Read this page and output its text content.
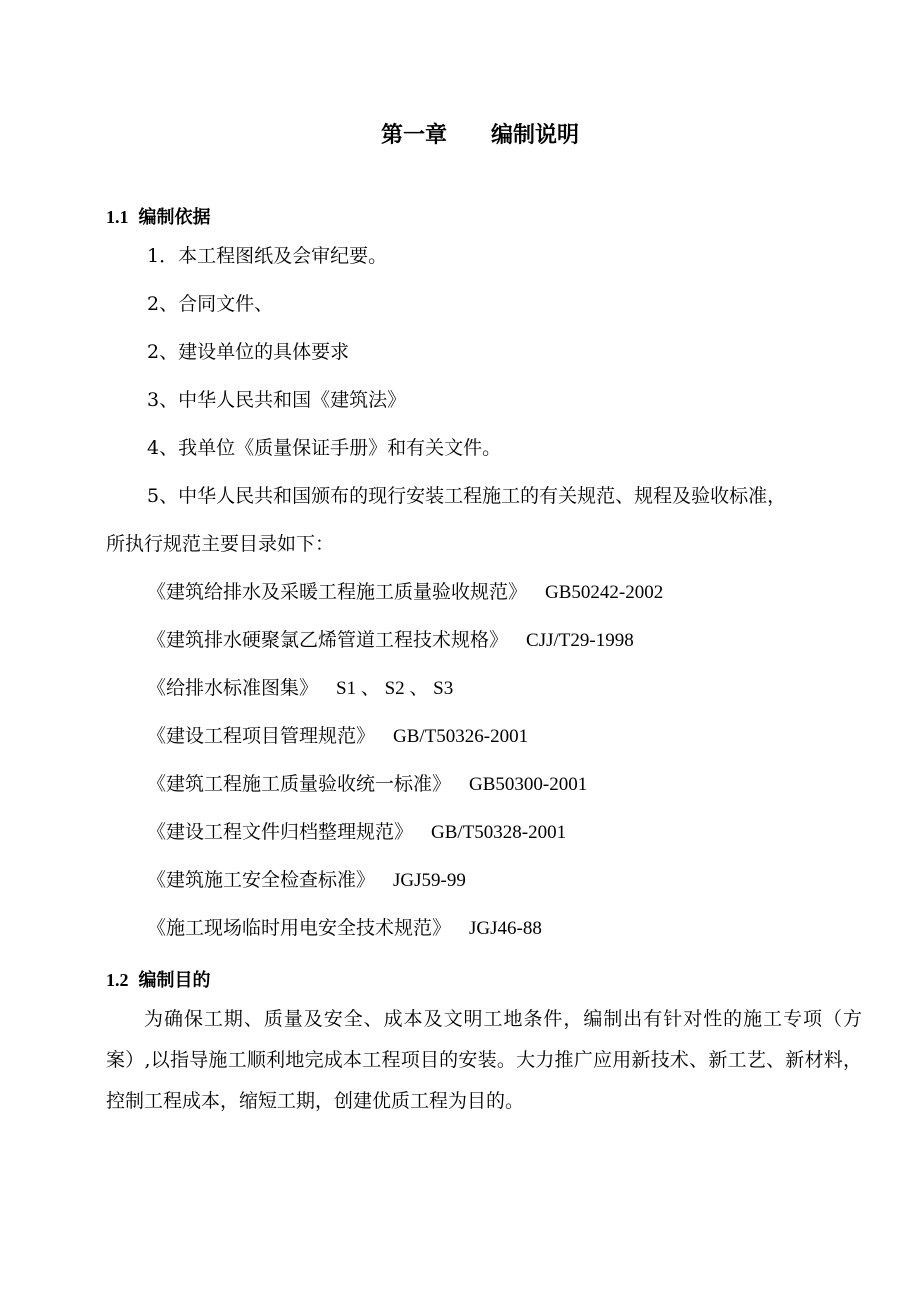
第一章　　编制说明
1.1 编制依据
1．本工程图纸及会审纪要。
2、合同文件、
2、建设单位的具体要求
3、中华人民共和国《建筑法》
4、我单位《质量保证手册》和有关文件。
5、中华人民共和国颁布的现行安装工程施工的有关规范、规程及验收标准，
所执行规范主要目录如下：
《建筑给排水及采暖工程施工质量验收规范》 GB50242-2002
《建筑排水硬聚氯乙烯管道工程技术规格》 CJJ/T29-1998
《给排水标准图集》 S1 、 S2 、 S3
《建设工程项目管理规范》 GB/T50326-2001
《建筑工程施工质量验收统一标准》 GB50300-2001
《建设工程文件归档整理规范》 GB/T50328-2001
《建筑施工安全检查标准》 JGJ59-99
《施工现场临时用电安全技术规范》 JGJ46-88
1.2 编制目的
为确保工期、质量及安全、成本及文明工地条件，编制出有针对性的施工专项（方案）,以指导施工顺利地完成本工程项目的安装。大力推广应用新技术、新工艺、新材料，控制工程成本，缩短工期，创建优质工程为目的。
